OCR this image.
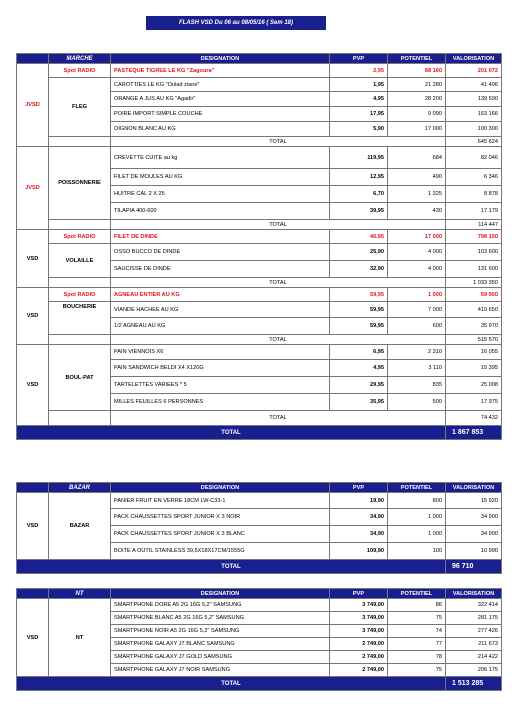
FLASH VSD Du 06 au 08/05/16 ( Sem 18)
	MARCHE	DESIGNATION	PVP	POTENTIEL	VALORISATION
JVSD	Spot RADIO	PASTEQUE TIGREE LE KG "Zagoura"	2,95	68 160	201 072
	FLEG	CAROTTIES LE KG "Oulad ziane"	1,95	21 280	41 496
		ORANGE A JUS AU KG "Agadir"	4,95	28 200	139 590
		POIRE IMPORT SIMPLE COUCHE	17,95	9 090	163 166
		OIGNON BLANC AU KG	5,90	17 000	100 300
		TOTAL			645 624
JVSD	POISSONNERIE	CREVETTE CUITE au kg	119,95	684	82 046
		FILET DE MOULES AU KG	12,95	490	6 346
		HUITRE CAL 2 X 25	6,70	1 325	8 878
		TILAPIA 400-600	39,95	430	17 179
		TOTAL			114 447
VSD	Spot RADIO	FILET DE DINDE	46,95	17 000	798 150
	VOLAILLE	OSSO BUCCO DE DINDE	25,90	4 000	103 600
		SAUCISSE DE DINDE	32,90	4 000	131 600
		TOTAL			1 033 350
VSD	Spot RADIO	AGNEAU ENTIER AU KG	59,95	1 000	59 950
	BOUCHERIE	VIANDE HACHEE AU KG	59,95	7 000	419 650
		1/2 AGNEAU AU KG	59,95	600	35 970
		TOTAL			515 570
VSD	BOUL-PAT	PAIN VIENNOIS X6	6,95	2 310	16 055
		PAIN SANDWICH BELDI X4 X120G	4,95	3 110	15 395
		TARTELETTES VARIEES * 5	29,95	835	25 008
		MILLES FEUILLES 6 PERSONNES	35,95	500	17 975
		TOTAL			74 432
TOTAL					1 867 853
	BAZAR	DESIGNATION	PVP	POTENTIEL	VALORISATION
VSD	BAZAR	PANIER FRUIT EN VERRE 18CM LW-C33-1	19,90	800	15 920
		PACK CHAUSSETTES SPORT JUNIOR X 3 NOIR	34,90	1 000	34 900
		PACK CHAUSSETTES SPORT JUNIOR X 3 BLANC	34,90	1 000	34 900
		BOITE A OUTIL STAINLESS 39,5X18X17CM/1555G	109,90	100	10 990
TOTAL					96 710
	NT	DESIGNATION	PVP	POTENTIEL	VALORISATION
VSD	NT	SMARTPHONE DORE A5 2G 16G 5,2" SAMSUNG	3 749,00	86	322 414
		SMARTPHONE BLANC A5 2G 16G 5,2" SAMSUNG	3 749,00	75	281 175
		SMARTPHONE NOIR A5 2G 16G 5,2" SAMSUNG	3 749,00	74	277 426
		SMARTPHONE GALAXY J7 BLANC SAMSUNG	2 749,00	77	211 673
		SMARTPHONE GALAXY J7 GOLD SAMSUNG	2 749,00	78	214 422
		SMARTPHONE GALAXY J7 NOIR SAMSUNG	2 749,00	75	206 175
TOTAL					1 513 285
